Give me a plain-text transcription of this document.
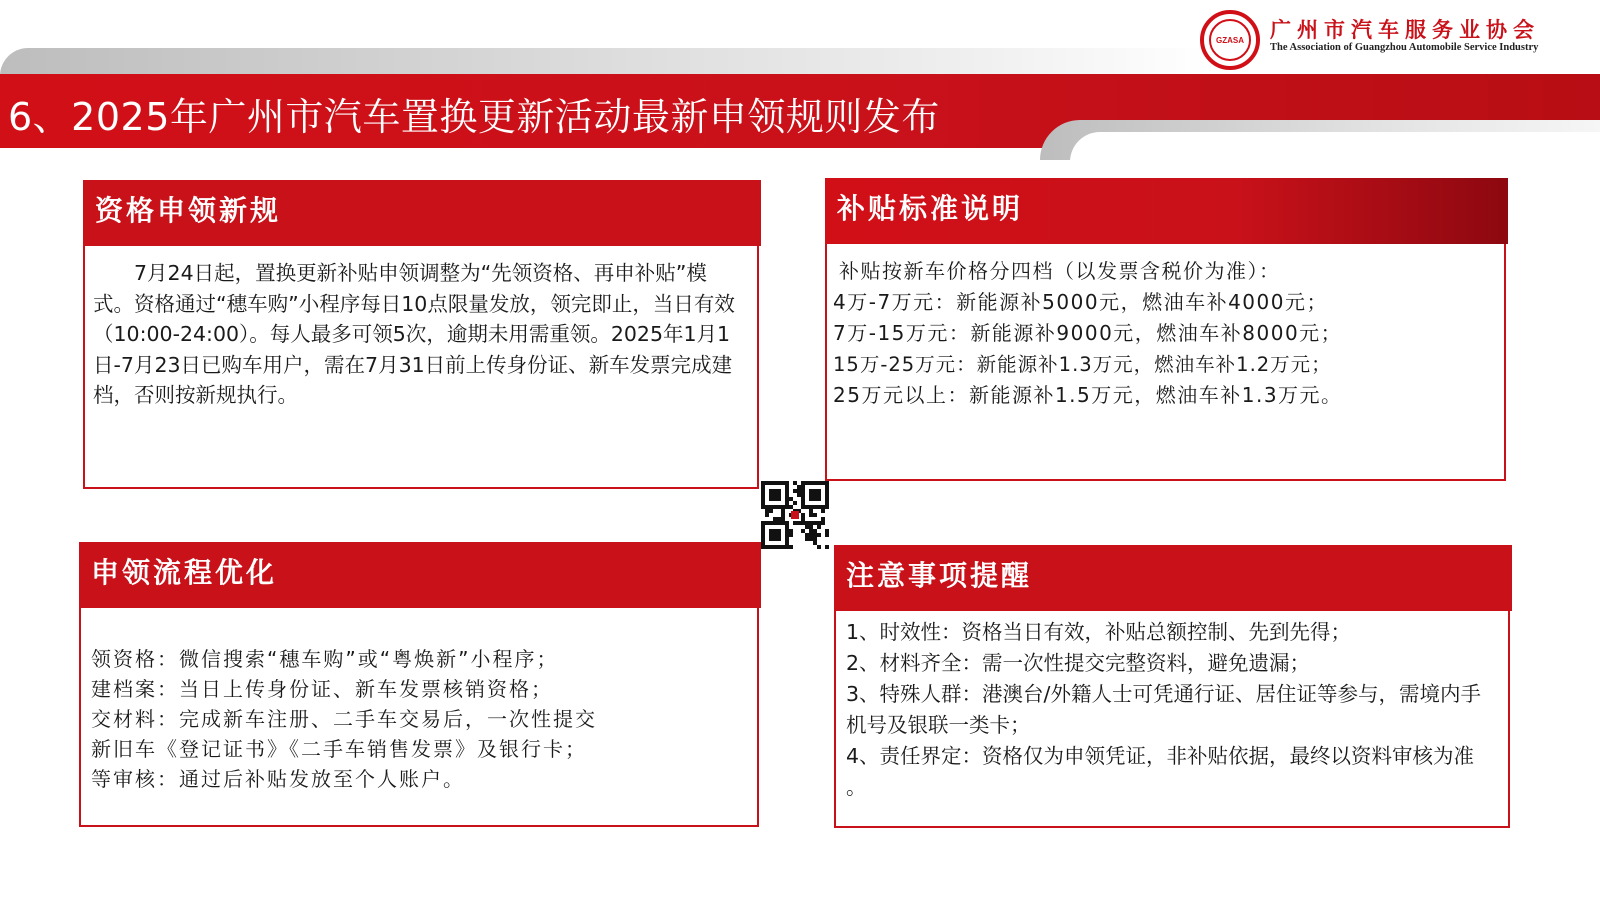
6、2025年广州市汽车置换更新活动最新申领规则发布
GZASA	广州市汽车服务业协会
The Association of Guangzhou Automobile Service Industry
资格申领新规

　　7月24日起，置换更新补贴申领调整为“先领资格、再申补贴”模式。资格通过“穗车购”小程序每日10点限量发放，领完即止，当日有效（10:00-24:00）。每人最多可领5次，逾期未用需重领。2025年1月1日-7月23日已购车用户，需在7月31日前上传身份证、新车发票完成建档，否则按新规执行。

补贴标准说明
补贴按新车价格分四档（以发票含税价为准）：
4万-7万元：新能源补5000元，燃油车补4000元；
7万-15万元：新能源补9000元，燃油车补8000元；
15万-25万元：新能源补1.3万元，燃油车补1.2万元；
25万元以上：新能源补1.5万元，燃油车补1.3万元。
申领流程优化
领资格：微信搜索“穗车购”或“粤焕新”小程序；
建档案：当日上传身份证、新车发票核销资格；
交材料：完成新车注册、二手车交易后，一次性提交
新旧车《登记证书》《二手车销售发票》及银行卡；
等审核：通过后补贴发放至个人账户。
注意事项提醒
1、时效性：资格当日有效，补贴总额控制、先到先得；
2、材料齐全：需一次性提交完整资料，避免遗漏；
3、特殊人群：港澳台/外籍人士可凭通行证、居住证等参与，需境内手机号及银联一类卡；
4、责任界定：资格仅为申领凭证，非补贴依据，最终以资料审核为准 。
